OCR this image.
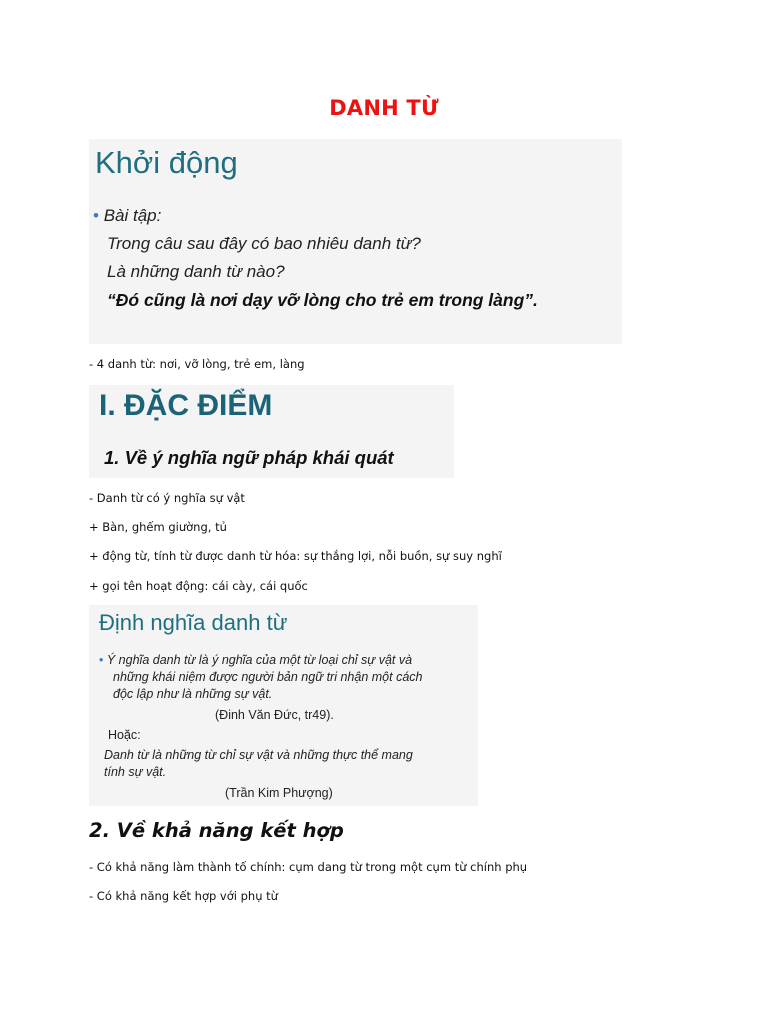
DANH TỪ
Khởi động
• Bài tập:
Trong câu sau đây có bao nhiêu danh từ?
Là những danh từ nào?
“Đó cũng là nơi dạy vỡ lòng cho trẻ em trong làng”.
- 4 danh từ: nơi, vỡ lòng, trẻ em, làng
I. ĐẶC ĐIỂM
1. Về ý nghĩa ngữ pháp khái quát
- Danh từ có ý nghĩa sự vật
+ Bàn, ghếm giường, tủ
+ động từ, tính từ được danh từ hóa: sự thắng lợi, nỗi buồn, sự suy nghĩ
+ gọi tên hoạt động: cái cày, cái quốc
Định nghĩa danh từ
• Ý nghĩa danh từ là ý nghĩa của một từ loại chỉ sự vật và
những khái niệm được người bản ngữ tri nhận một cách
độc lập như là những sự vật.
(Đinh Văn Đức, tr49).
Hoặc:
Danh từ là những từ chỉ sự vật và những thực thể mang
tính sự vật.
(Trần Kim Phượng)
2. Về khả năng kết hợp
- Có khả năng làm thành tố chính: cụm dang từ trong một cụm từ chính phụ
- Có khả năng kết hợp với phụ từ
